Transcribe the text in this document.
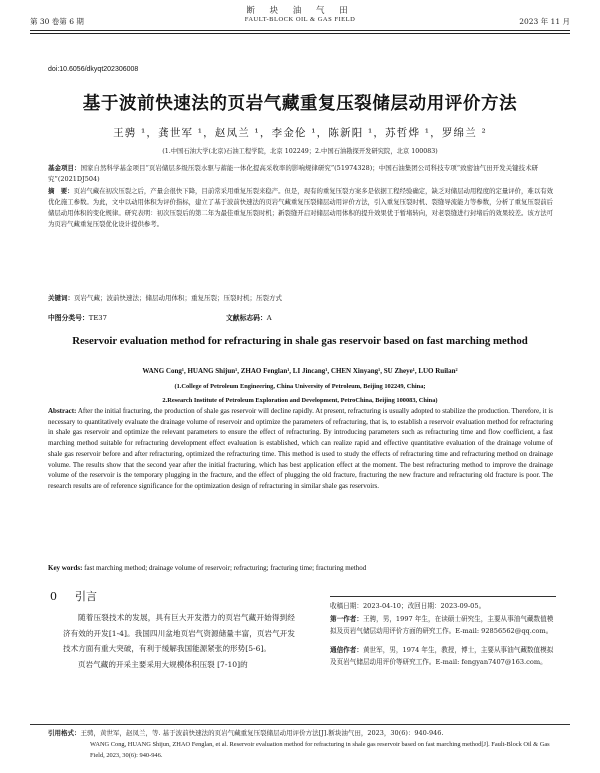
断 块 油 气 田
第 30 卷第 6 期	FAULT-BLOCK OIL & GAS FIELD	2023 年 11 月
doi:10.6056/dkyqt202306008
基于波前快速法的页岩气藏重复压裂储层动用评价方法
王骋 ¹，龚世军 ¹，赵凤兰 ¹，李金伦 ¹，陈新阳 ¹，苏哲烨 ¹，罗绵兰 ²
(1.中国石油大学(北京)石油工程学院，北京 102249；2.中国石油勘探开发研究院，北京 100083)
基金项目：国家自然科学基金项目“页岩储层多级压裂水驱与蓄能一体化提高采收率的影响规律研究”(51974328)；中国石油集团公司科技专项“致密油气田开发关键技术研究”(2021DJ504)
摘　要：页岩气藏在初次压裂之后，产量会很快下降，目前常采用重复压裂来稳产。但是，现有的重复压裂方案多是依据工程经验确定，缺乏对储层动用程度的定量评价，难以有效优化施工参数。为此，文中以动用体积为评价指标，建立了基于波前快速法的页岩气藏重复压裂储层动用评价方法，引入重复压裂时机、裂缝导流能力等参数，分析了重复压裂前后储层动用体积的变化规律。研究表明：初次压裂后的第二年为最佳重复压裂时机；新裂缝开启对储层动用体积的提升效果优于暂堵转向，对老裂缝进行封堵后的效果较差。该方法可为页岩气藏重复压裂优化设计提供参考。
关键词：页岩气藏；波前快速法；储层动用体积；重复压裂；压裂时机；压裂方式
中图分类号：TE37	文献标志码：A
Reservoir evaluation method for refracturing in shale gas reservoir based on fast marching method
WANG Cong¹, HUANG Shijun¹, ZHAO Fenglan¹, LI Jincang¹, CHEN Xinyang¹, SU Zheye¹, LUO Ruilan²
(1.College of Petroleum Engineering, China University of Petroleum, Beijing 102249, China;
2.Research Institute of Petroleum Exploration and Development, PetroChina, Beijing 100083, China)
Abstract: After the initial fracturing, the production of shale gas reservoir will decline rapidly. At present, refracturing is usually adopted to stabilize the production. Therefore, it is necessary to quantitatively evaluate the drainage volume of reservoir and optimize the parameters of refracturing, that is, to establish a reservoir evaluation method for refracturing in shale gas reservoir and optimize the relevant parameters to ensure the effect of refracturing. By introducing parameters such as refracturing time and flow coefficient, a fast marching method suitable for refracturing development effect evaluation is established, which can realize rapid and effective quantitative evaluation of the drainage volume of shale gas reservoir before and after refracturing, optimized the refracturing time. This method is used to study the effects of refracturing time and refracturing method on drainage volume. The results show that the second year after the initial fracturing, which has best application effect at the moment. The best refracturing method to improve the drainage volume of the reservoir is the temporary plugging in the fracture, and the effect of plugging the old fracture, fracturing the new fracture and refracturing old fracture is poor. The research results are of reference significance for the optimization design of refracturing in similar shale gas reservoirs.
Key words: fast marching method; drainage volume of reservoir; refracturing; fracturing time; fracturing method
0 引言

随着压裂技术的发展，具有巨大开发潜力的页岩气藏开始得到经济有效的开发[1-4]。我国四川盆地页岩气资源储量丰富，页岩气开发技术方面有重大突破，有利于缓解我国能源紧张的形势[5-6]。

页岩气藏的开采主要采用大规模体积压裂 [7-10]的

收稿日期：2023-04-10；改回日期：2023-09-05。
第一作者：王骋，男，1997 年生，在读硕士研究生，主要从事油气藏数值模拟及页岩气储层动用评价方面的研究工作。E-mail: 92856562@qq.com。
通信作者：黄世军，男，1974 年生，教授，博士，主要从事油气藏数值模拟及页岩气储层动用评价等研究工作。E-mail: fengyan7407@163.com。
引用格式：王骋，黄世军，赵凤兰，等. 基于波前快速法的页岩气藏重复压裂储层动用评价方法[J].断块油气田，2023，30(6)：940-946.
WANG Cong, HUANG Shijun, ZHAO Fenglan, et al. Reservoir evaluation method for refracturing in shale gas reservoir based on fast marching method[J]. Fault-Block Oil & Gas Field, 2023, 30(6): 940-946.
